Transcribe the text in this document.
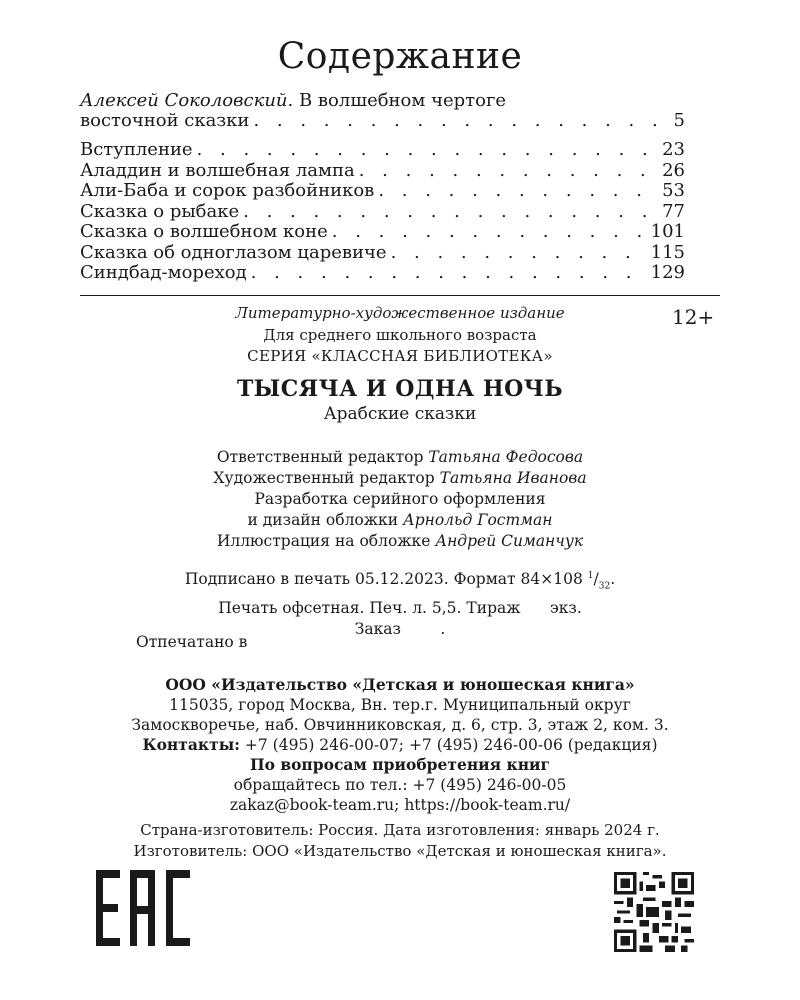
Содержание
Алексей Соколовский. В волшебном чертоге
восточной сказки . . .	5
Вступление . . .	23
Аладдин и волшебная лампа . . .	26
Али-Баба и сорок разбойников . . .	53
Сказка о рыбаке . . .	77
Сказка о волшебном коне . . .	101
Сказка об одноглазом царевиче . . .	115
Синдбад-мореход . . .	129
Литературно-художественное издание	12+
Для среднего школьного возраста
СЕРИЯ «КЛАССНАЯ БИБЛИОТЕКА»
ТЫСЯЧА И ОДНА НОЧЬ
Арабские сказки
Ответственный редактор Татьяна Федосова
Художественный редактор Татьяна Иванова
Разработка серийного оформления
и дизайн обложки Арнольд Гостман
Иллюстрация на обложке Андрей Симанчук
Подписано в печать 05.12.2023. Формат 84×108 $^1/_{32}$.
Печать офсетная. Печ. л. 5,5. Тираж      экз.
Заказ        .
Отпечатано в
ООО «Издательство «Детская и юношеская книга»
115035, город Москва, Вн. тер.г. Муниципальный округ
Замоскворечье, наб. Овчинниковская, д. 6, стр. 3, этаж 2, ком. 3.
Контакты: +7 (495) 246-00-07; +7 (495) 246-00-06 (редакция)
По вопросам приобретения книг
обращайтесь по тел.: +7 (495) 246-00-05
zakaz@book-team.ru; https://book-team.ru/
Страна-изготовитель: Россия. Дата изготовления: январь 2024 г.
Изготовитель: ООО «Издательство «Детская и юношеская книга».
